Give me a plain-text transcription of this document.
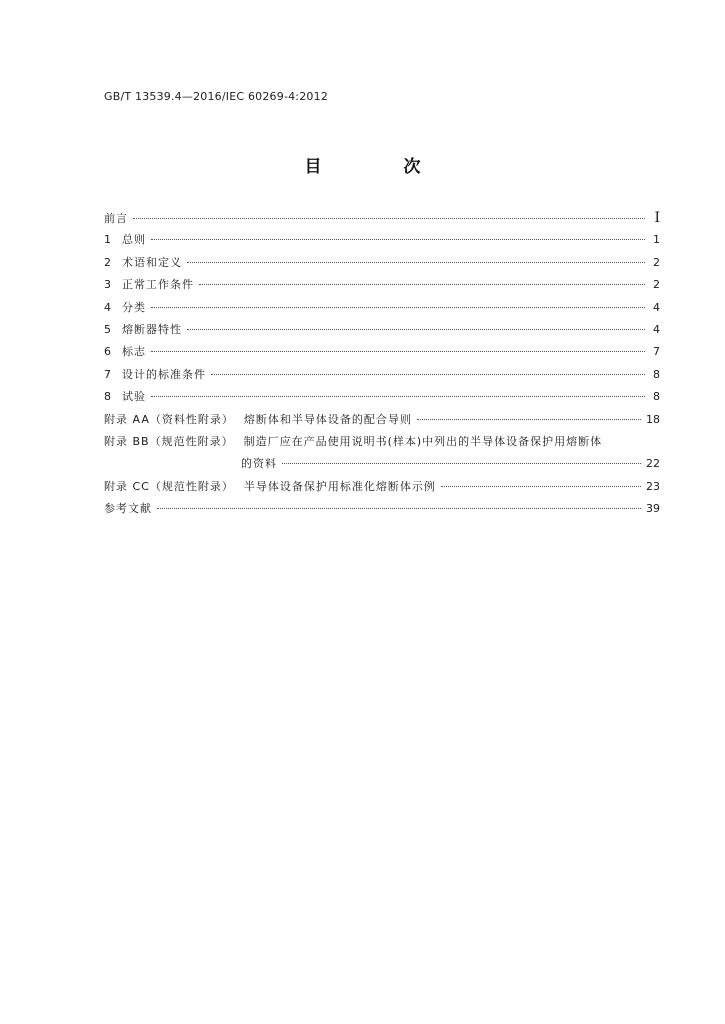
GB/T 13539.4—2016/IEC 60269-4:2012
目 次
前言	I
1	总则	1
2	术语和定义	2
3	正常工作条件	2
4	分类	4
5	熔断器特性	4
6	标志	7
7	设计的标准条件	8
8	试验	8
附录 AA（资料性附录） 熔断体和半导体设备的配合导则	18
附录 BB（规范性附录） 制造厂应在产品使用说明书(样本)中列出的半导体设备保护用熔断体
的资料	22
附录 CC（规范性附录） 半导体设备保护用标准化熔断体示例	23
参考文献	39
